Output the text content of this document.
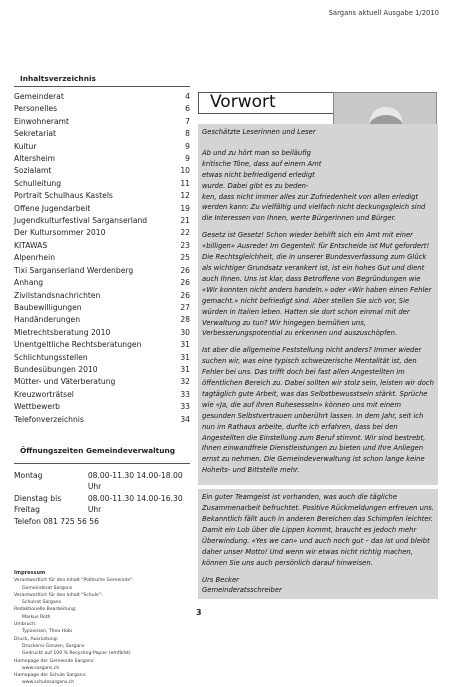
Sargans aktuell Ausgabe 1/2010
Inhaltsverzeichnis
Gemeinderat	4
Personelles	6
Einwohneramt	7
Sekretariat	8
Kultur	9
Altersheim	9
Sozialamt	10
Schulleitung	11
Portrait Schulhaus Kastels	12
Offene Jugendarbeit	19
Jugendkulturfestival Sarganserland	21
Der Kultursommer 2010	22
KITAWAS	23
Alpenrhein	25
Tixi Sarganserland Werdenberg	26
Anhang	26
Zivilstandsnachrichten	26
Baubewilligungen	27
Handänderungen	28
Mietrechtsberatung 2010	30
Unentgeltliche Rechtsberatungen	31
Schlichtungsstellen	31
Bundesübungen 2010	31
Mütter- und Väterberatung	32
Kreuzworträtsel	33
Wettbewerb	33
Telefonverzeichnis	34
Öffnungszeiten Gemeindeverwaltung
Montag	08.00-11.30 14.00-18.00 Uhr
Dienstag bis Freitag
08.00-11.30 14.00-16.30 Uhr
Telefon 081 725 56 56
Impressum
Verantwortlich für den Inhalt "Politische Gemeinde":
Gemeinderat Sargans
Verantwortlich für den Inhalt "Schule":
Schulrat Sargans
Redaktionelle Bearbeitung:
Markus Roth
Umbruch:
Typovision, Theo Hobi
Druck, Ausrüstung:
Druckerei Gonzen, Sargans
Gedruckt auf 100 % Recycling-Papier (emfärbt)
Homepage der Gemeinde Sargans:
www.sargans.ch
Homepage der Schule Sargans:
www.schulesargans.ch
Vorwort

Geschätzte Leserinnen und Leser

Ab und zu hört man so beiläufig kritische Töne, dass auf einem Amt etwas nicht befriedigend erledigt wurde. Dabei gibt es zu beden-

ken, dass nicht immer alles zur Zufriedenheit von allen erledigt werden kann: Zu vielfältig und vielfach nicht deckungsgleich sind die Interessen von Ihnen, werte Bürgerinnen und Bürger.

Gesetz ist Gesetz! Schon wieder behilft sich ein Amt mit einer «billigen» Ausrede! Im Gegenteil: für Entscheide ist Mut gefordert! Die Rechtsgleichheit, die in unserer Bundesverfassung zum Glück als wichtiger Grundsatz verankert ist, ist ein hohes Gut und dient auch Ihnen. Uns ist klar, dass Betroffene von Begründungen wie «Wir konnten nicht anders handeln.» oder «Wir haben einen Fehler gemacht.» nicht befriedigt sind. Aber stellen Sie sich vor, Sie würden in Italien leben. Hatten sie dort schon einmal mit der Verwaltung zu tun? Wir hingegen bemühen uns, Verbesserungspotential zu erkennen und auszuschöpfen.

Ist aber die allgemeine Feststellung nicht anders? Immer wieder suchen wir, was eine typisch schweizerische Mentalität ist, den Fehler bei uns. Das trifft doch bei fast allen Angestellten im öffentlichen Bereich zu. Dabei sollten wir stolz sein, leisten wir doch tagtäglich gute Arbeit, was das Selbstbewusstsein stärkt. Sprüche wie «Ja, die auf ihren Ruhesesseln» können uns mit einem gesunden Selbstvertrauen unberührt lassen. In dem Jahr, seit ich nun im Rathaus arbeite, durfte ich erfahren, dass bei den Angestellten die Einstellung zum Beruf stimmt. Wir sind bestrebt, Ihnen einwandfreie Dienstleistungen zu bieten und Ihre Anliegen ernst zu nehmen. Die Gemeindeverwaltung ist schon lange keine Hoheits- und Bittstelle mehr.

Ein guter Teamgeist ist vorhanden, was auch die tägliche Zusammenarbeit befruchtet. Positive Rückmeldungen erfreuen uns. Bekanntlich fällt auch in anderen Bereichen das Schimpfen leichter. Damit ein Lob über die Lippen kommt, braucht es jedoch mehr Überwindung. «Yes we can» und auch noch gut – das ist und bleibt daher unser Motto! Und wenn wir etwas nicht richtig machen, können Sie uns auch persönlich darauf hinweisen.

Urs Becker

Gemeinderatsschreiber

3
